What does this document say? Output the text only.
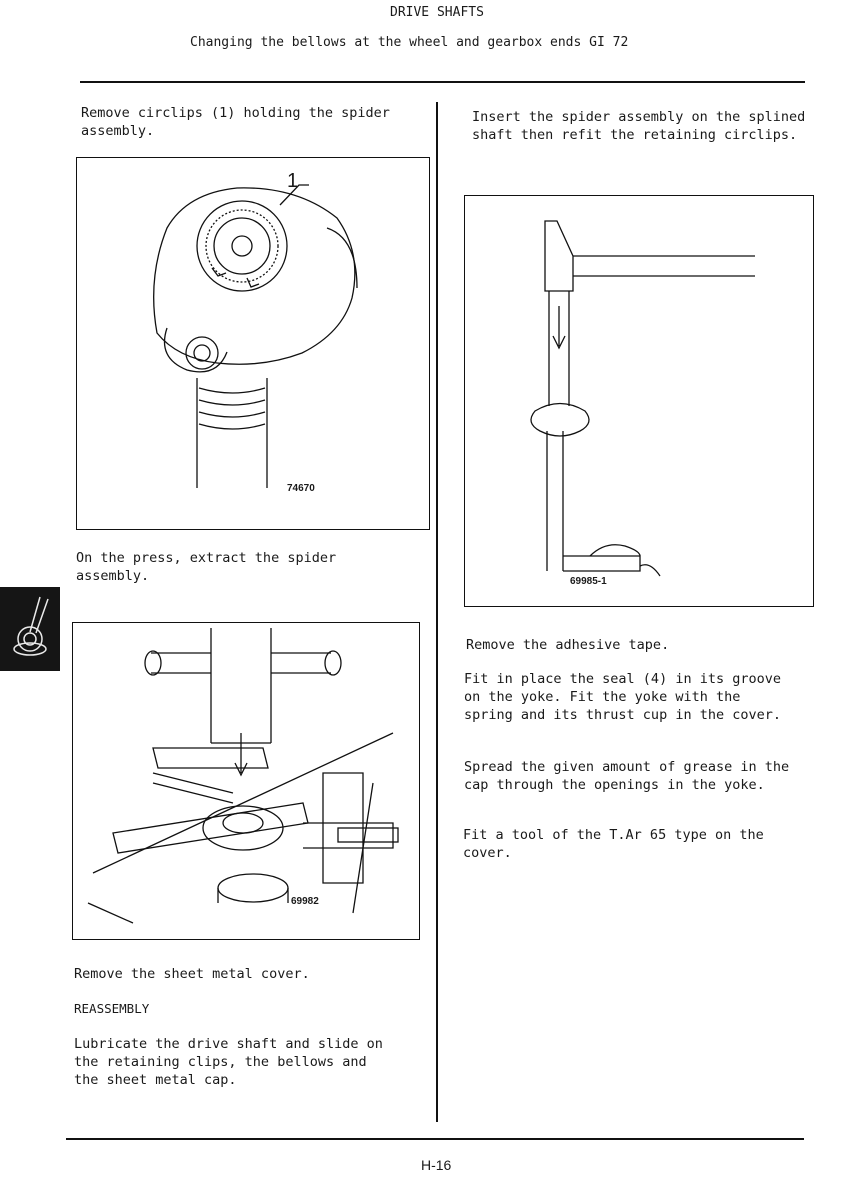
DRIVE SHAFTS
Changing the bellows at the wheel and gearbox ends GI 72
Remove circlips (1) holding the spider
assembly.
1
74670
On the press, extract the spider
assembly.
69982
Remove the sheet metal cover.
REASSEMBLY
Lubricate the drive shaft and slide on
the retaining clips, the bellows and
the sheet metal cap.
Insert the spider assembly on the splined
shaft then refit the retaining circlips.
69985-1
Remove the adhesive tape.
Fit in place the seal (4) in its groove
on the yoke. Fit the yoke with the
spring and its thrust cup in the cover.
Spread the given amount of grease in the
cap through the openings in the yoke.
Fit a tool of the T.Ar 65 type on the
cover.
H-16
